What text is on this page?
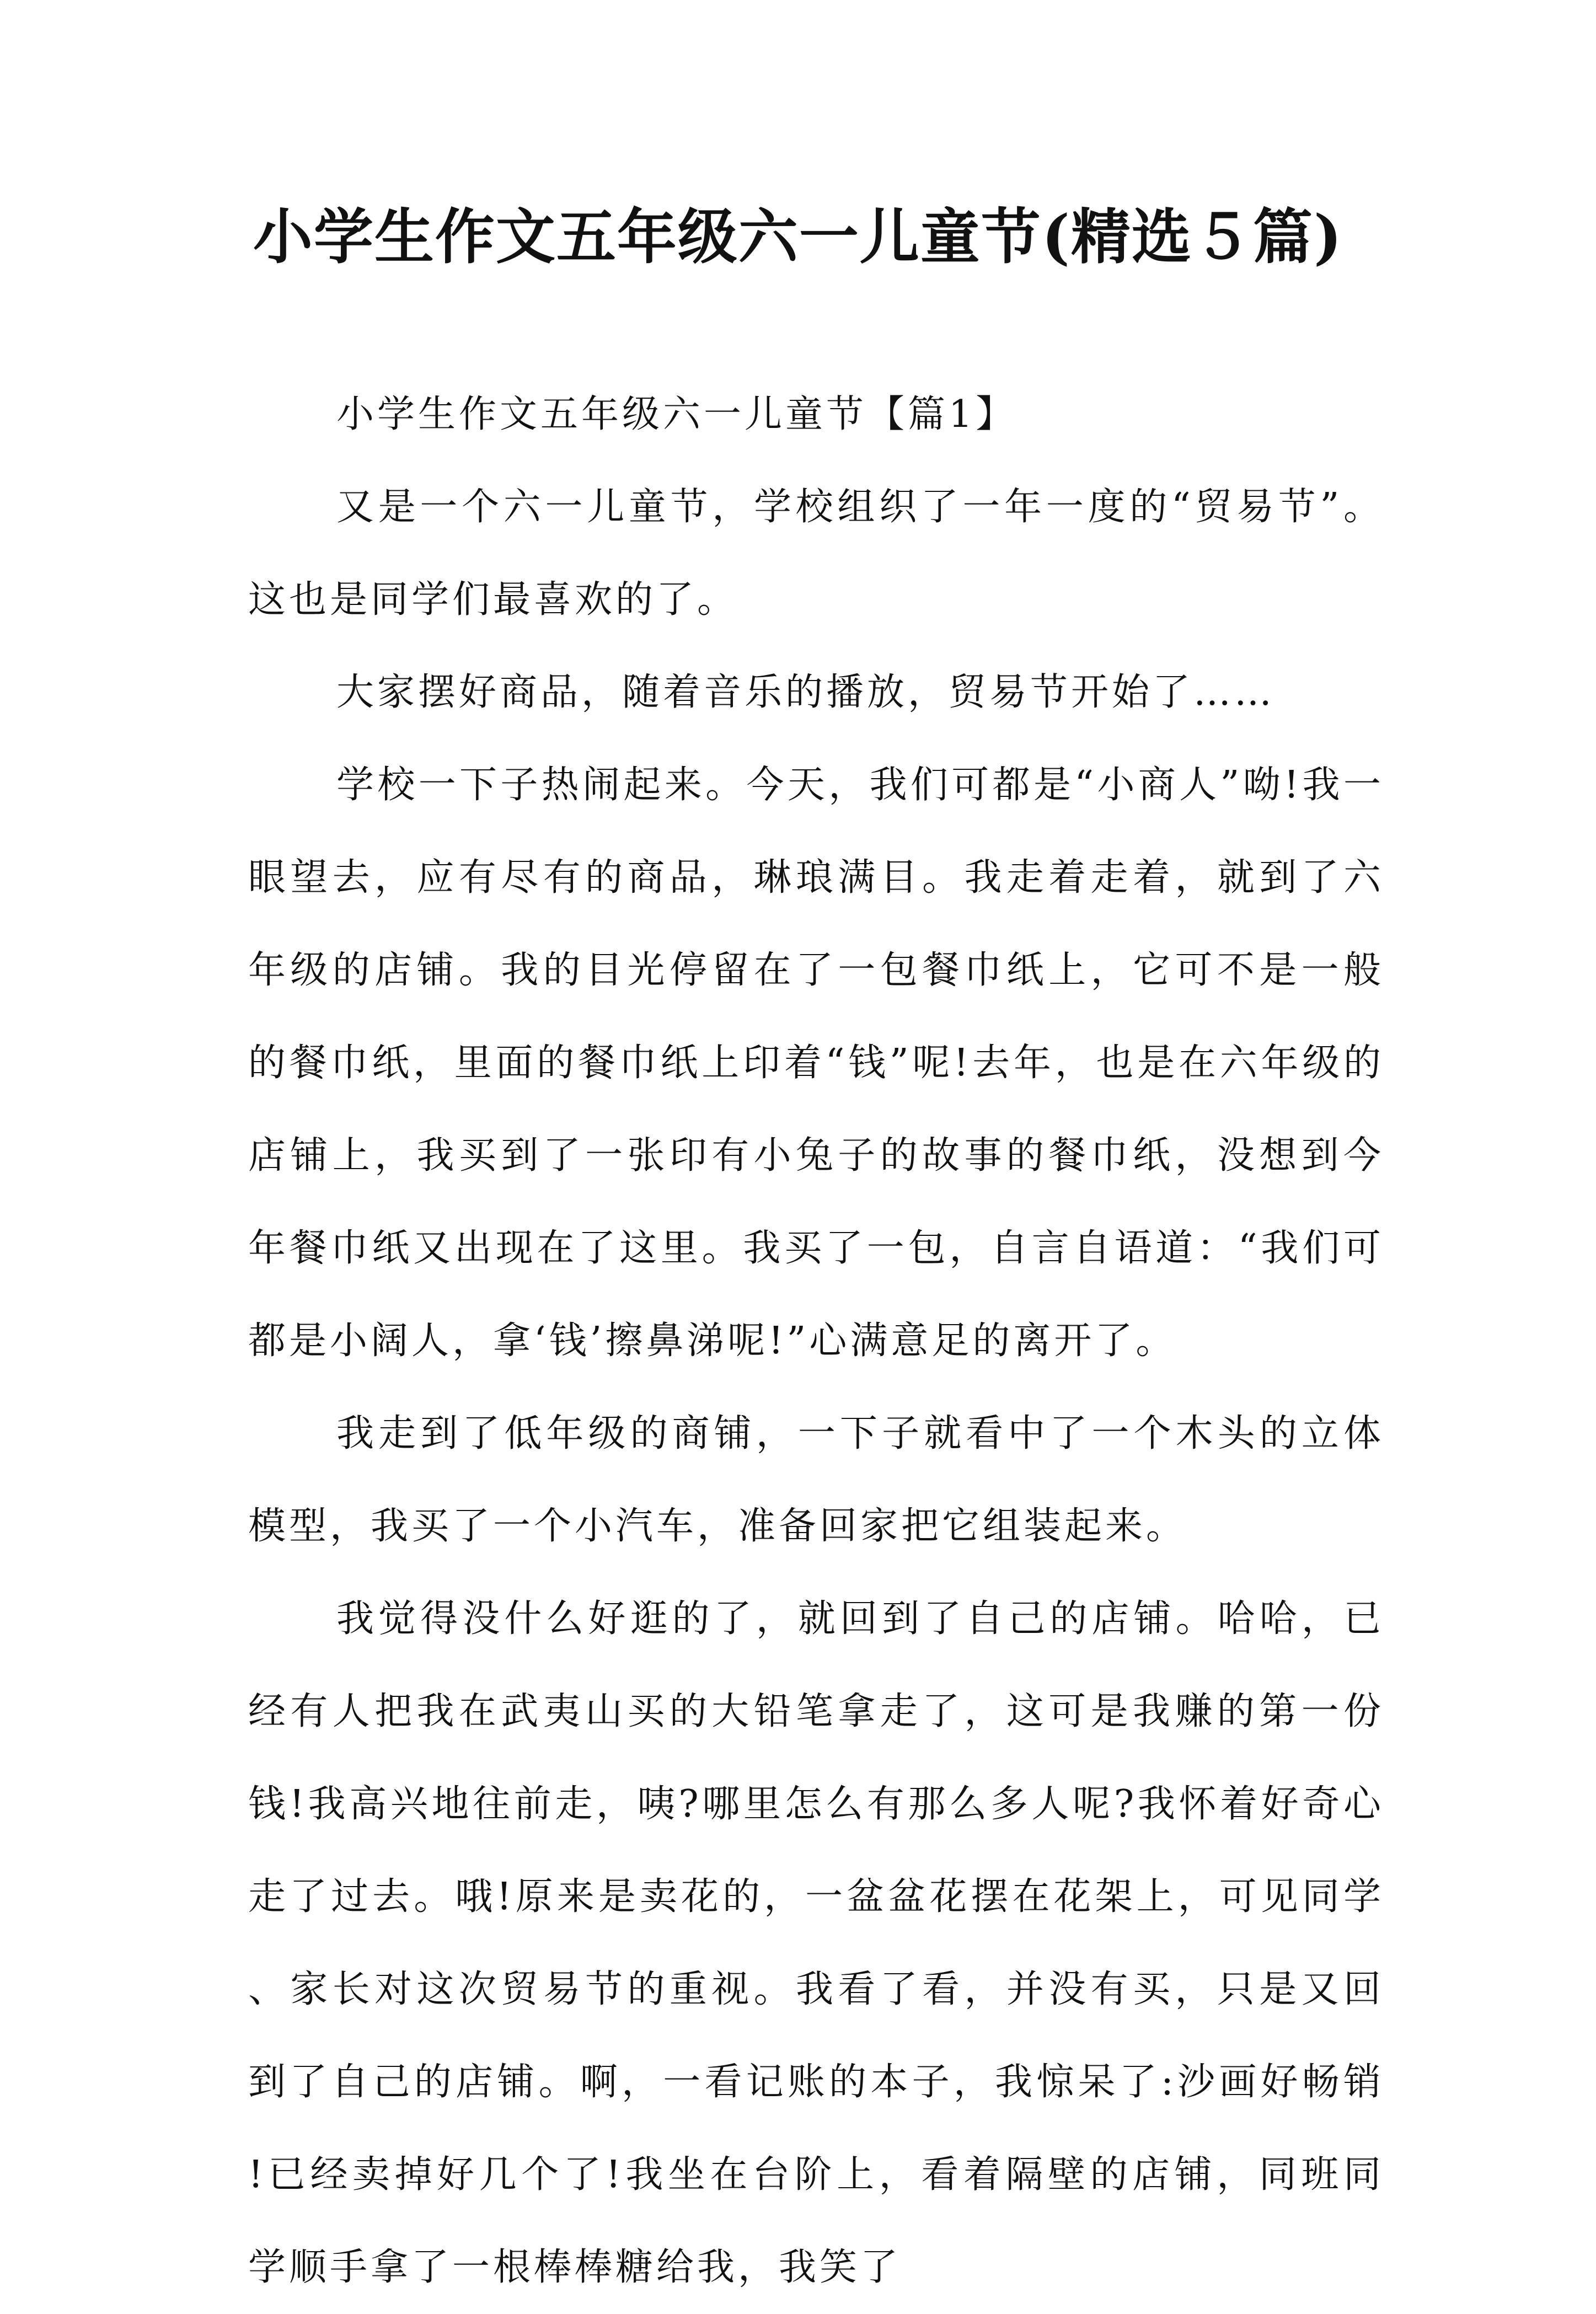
小学生作文五年级六一儿童节(精选５篇)

小学生作文五年级六一儿童节【篇1】

又是一个六一儿童节，学校组织了一年一度的“贸易节”。这也是同学们最喜欢的了。

大家摆好商品，随着音乐的播放，贸易节开始了……

学校一下子热闹起来。今天，我们可都是“小商人”呦!我一眼望去，应有尽有的商品，琳琅满目。我走着走着，就到了六年级的店铺。我的目光停留在了一包餐巾纸上，它可不是一般的餐巾纸，里面的餐巾纸上印着“钱”呢!去年，也是在六年级的店铺上，我买到了一张印有小兔子的故事的餐巾纸，没想到今年餐巾纸又出现在了这里。我买了一包，自言自语道：“我们可都是小阔人，拿‘钱’擦鼻涕呢!”心满意足的离开了。

我走到了低年级的商铺，一下子就看中了一个木头的立体模型，我买了一个小汽车，准备回家把它组装起来。

我觉得没什么好逛的了，就回到了自己的店铺。哈哈，已经有人把我在武夷山买的大铅笔拿走了，这可是我赚的第一份钱!我高兴地往前走，咦?哪里怎么有那么多人呢?我怀着好奇心走了过去。哦!原来是卖花的，一盆盆花摆在花架上，可见同学、家长对这次贸易节的重视。我看了看，并没有买，只是又回到了自己的店铺。啊，一看记账的本子，我惊呆了:沙画好畅销!已经卖掉好几个了!我坐在台阶上，看着隔壁的店铺，同班同学顺手拿了一根棒棒糖给我，我笑了
